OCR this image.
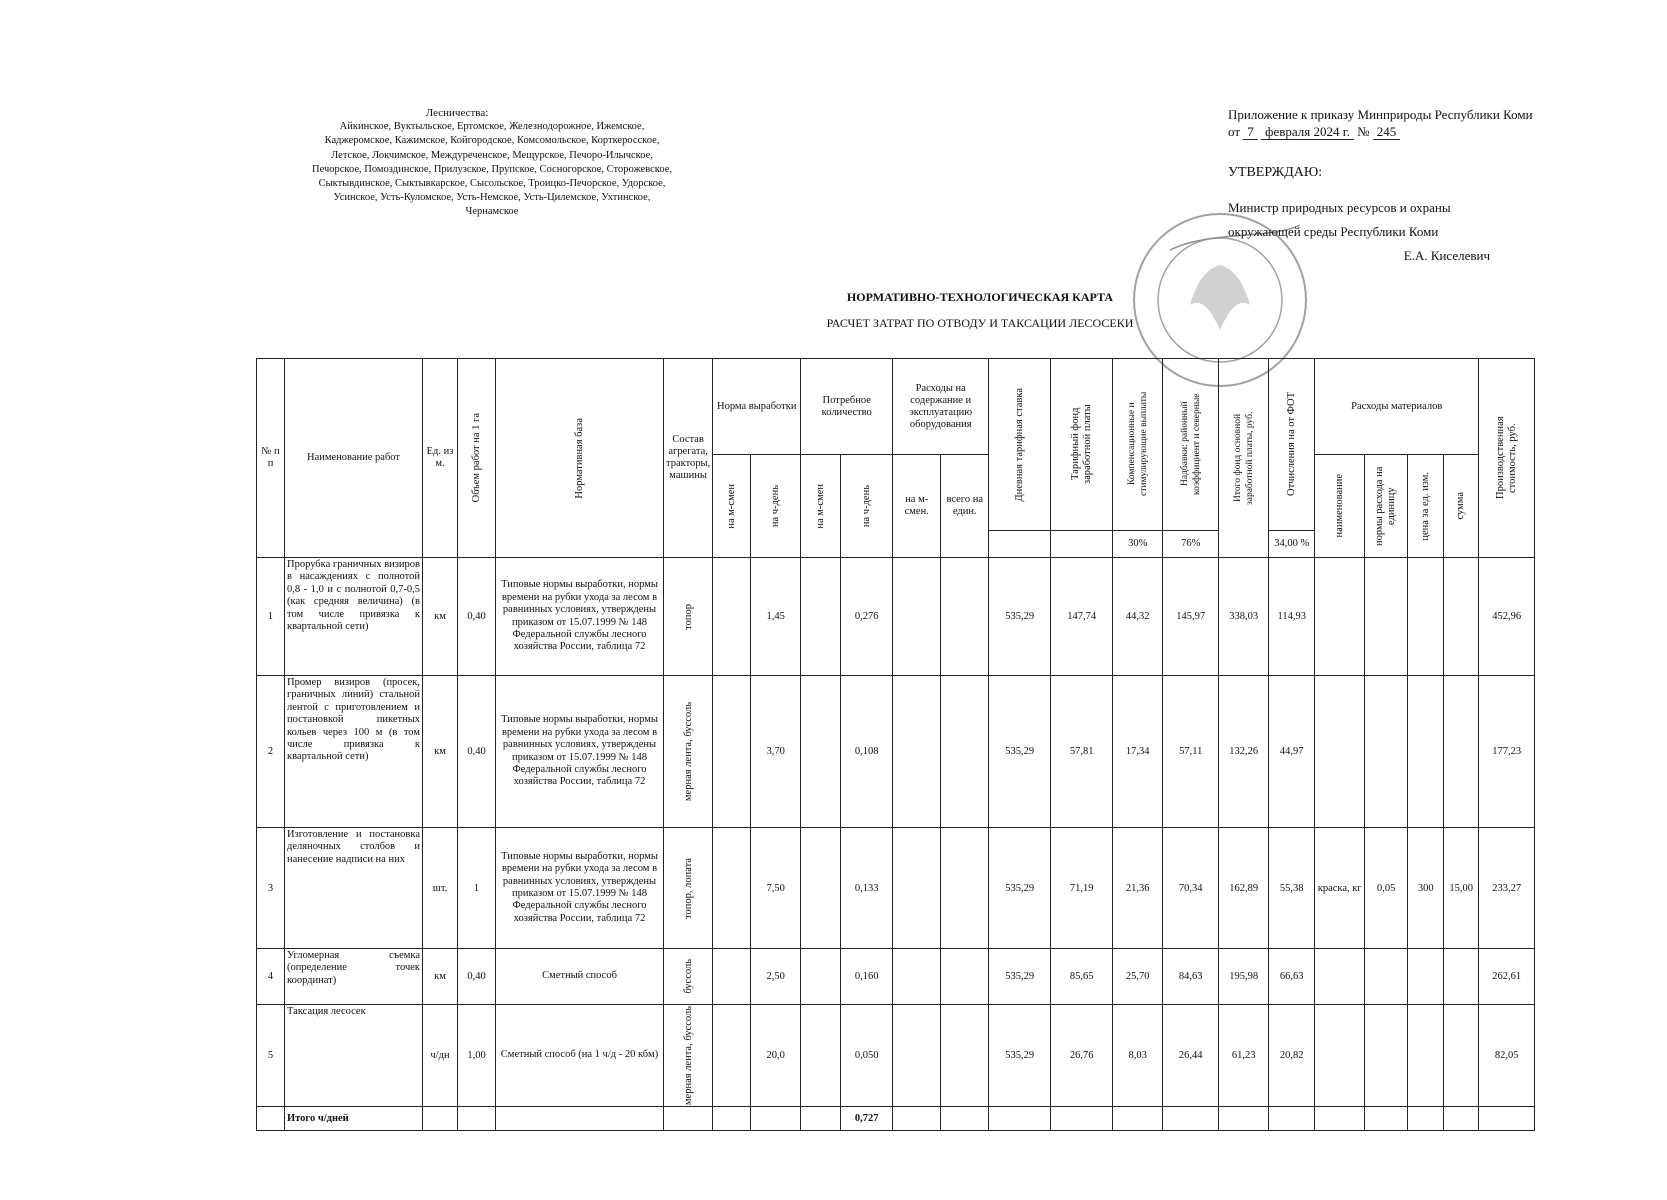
Лесничества:
Айкинское, Вуктыльское, Ертомское, Железнодорожное, Ижемское,
Каджеромское, Кажимское, Койгородское, Комсомольское, Корткеросское,
Летское, Локчимское, Междуреченское, Мещурское, Печоро-Илычское,
Печорское, Помоздинское, Прилузское, Прупское, Сосногорское, Сторожевское,
Сыктывдинское, Сыктывкарское, Сысольское, Троицко-Печорское, Удорское,
Усинское, Усть-Куломское, Усть-Немское, Усть-Цилемское, Ухтинское,
Чернамское
Приложение к приказу Минприроды Республики Коми
от 7 февраля 2024 г. № 245
УТВЕРЖДАЮ:
Министр природных ресурсов и охраны
окружающей среды Республики Коми
Е.А. Киселевич
НОРМАТИВНО-ТЕХНОЛОГИЧЕСКАЯ КАРТА
РАСЧЕТ ЗАТРАТ ПО ОТВОДУ И ТАКСАЦИИ ЛЕСОСЕКИ
№ п п	Наименование работ	Ед. из м.	Объем работ на 1 га	Нормативная база	Состав агрегата, тракторы, машины	Норма выработки		Потребное количество		Расходы на содержание и эксплуатацию оборудования		Дневная тарифная ставка	Тарифный фонд заработной платы	Компенсационные и стимулирующие выплаты	Надбавки: районный коэффициент и северные	Итого фонд основной заработной платы, руб.	Отчисления на от ФОТ	Расходы материалов				Производственная стоимость, руб.

						на м-смен	на ч-день	на м-смен	на ч-день	на м-смен.	всего на един.							наименование	нормы расхода на единицу	цена за ед. изм.	сумма	

														30%	76%		34,00 %					
1	Прорубка граничных визиров в насаждениях с полнотой 0,8 - 1,0 и с полнотой 0,7-0,5 (как средняя величина) (в том числе привязка к квартальной сети)	км	0,40	Типовые нормы выработки, нормы времени на рубки ухода за лесом в равнинных условиях, утверждены приказом от 15.07.1999 № 148 Федеральной службы лесного хозяйства России, таблица 72	топор		1,45		0,276			535,29	147,74	44,32	145,97	338,03	114,93					452,96
2	Промер визиров (просек, граничных линий) стальной лентой с приготовлением и постановкой пикетных кольев через 100 м (в том числе привязка к квартальной сети)	км	0,40	Типовые нормы выработки, нормы времени на рубки ухода за лесом в равнинных условиях, утверждены приказом от 15.07.1999 № 148 Федеральной службы лесного хозяйства России, таблица 72	мерная лента, буссоль		3,70		0,108			535,29	57,81	17,34	57,11	132,26	44,97					177,23
3	Изготовление и постановка деляночных столбов и нанесение надписи на них	шт.	1	Типовые нормы выработки, нормы времени на рубки ухода за лесом в равнинных условиях, утверждены приказом от 15.07.1999 № 148 Федеральной службы лесного хозяйства России, таблица 72	топор, лопата		7,50		0,133			535,29	71,19	21,36	70,34	162,89	55,38	краска, кг	0,05	300	15,00	233,27
4	Угломерная съемка (определение точек координат)	км	0,40	Сметный способ	буссоль		2,50		0,160			535,29	85,65	25,70	84,63	195,98	66,63					262,61
5	Таксация лесосек	ч/дн	1,00	Сметный способ (на 1 ч/д - 20 кбм)	мерная лента, буссоль		20,0		0,050			535,29	26,76	8,03	26,44	61,23	20,82					82,05
	Итого ч/дней								0,727													
